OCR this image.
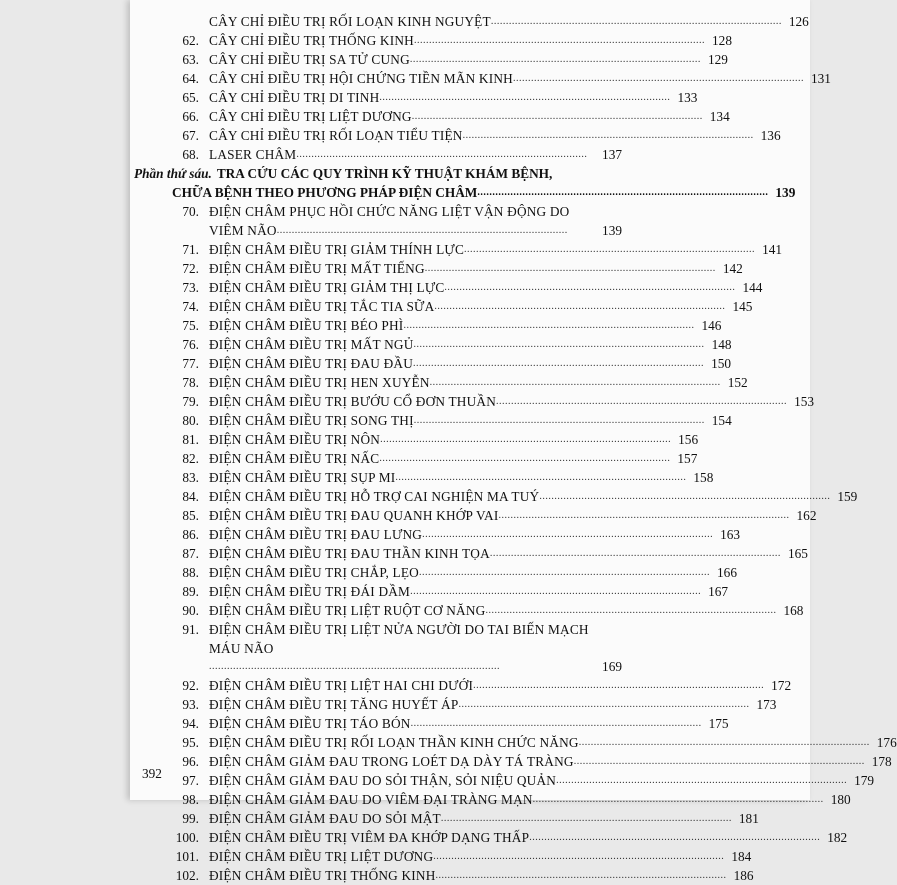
CÂY CHỈ ĐIỀU TRỊ RỐI LOẠN KINH NGUYỆT ................................................................................................. 126
62. CÂY CHỈ ĐIỀU TRỊ THỐNG KINH ................................................................................................. 128
63. CÂY CHỈ ĐIỀU TRỊ SA TỬ CUNG ................................................................................................. 129
64. CÂY CHỈ ĐIỀU TRỊ HỘI CHỨNG TIỀN MÃN KINH ................................................................................................. 131
65. CÂY CHỈ ĐIỀU TRỊ DI TINH ................................................................................................. 133
66. CÂY CHỈ ĐIỀU TRỊ LIỆT DƯƠNG ................................................................................................. 134
67. CÂY CHỈ ĐIỀU TRỊ RỐI LOẠN TIỂU TIỆN ................................................................................................. 136
68. LASER CHÂM .................................................................................................	137
Phần thứ sáu. TRA CỨU CÁC QUY TRÌNH KỸ THUẬT KHÁM BỆNH,
CHỮA BỆNH THEO PHƯƠNG PHÁP ĐIỆN CHÂM ................................................................................................. 139
70. ĐIỆN CHÂM PHỤC HỒI CHỨC NĂNG LIỆT VẬN ĐỘNG DO
VIÊM NÃO .................................................................................................	139
71. ĐIỆN CHÂM ĐIỀU TRỊ GIẢM THÍNH LỰC ................................................................................................. 141
72. ĐIỆN CHÂM ĐIỀU TRỊ MẤT TIẾNG ................................................................................................. 142
73. ĐIỆN CHÂM ĐIỀU TRỊ GIẢM THỊ LỰC ................................................................................................. 144
74. ĐIỆN CHÂM ĐIỀU TRỊ TẮC TIA SỮA ................................................................................................. 145
75. ĐIỆN CHÂM ĐIỀU TRỊ BÉO PHÌ ................................................................................................. 146
76. ĐIỆN CHÂM ĐIỀU TRỊ MẤT NGỦ ................................................................................................. 148
77. ĐIỆN CHÂM ĐIỀU TRỊ ĐAU ĐẦU ................................................................................................. 150
78. ĐIỆN CHÂM ĐIỀU TRỊ HEN XUYỄN ................................................................................................. 152
79. ĐIỆN CHÂM ĐIỀU TRỊ BƯỚU CỔ ĐƠN THUẦN ................................................................................................. 153
80. ĐIỆN CHÂM ĐIỀU TRỊ SONG THỊ ................................................................................................. 154
81. ĐIỆN CHÂM ĐIỀU TRỊ NÔN ................................................................................................. 156
82. ĐIỆN CHÂM ĐIỀU TRỊ NẤC ................................................................................................. 157
83. ĐIỆN CHÂM ĐIỀU TRỊ SỤP MI ................................................................................................. 158
84. ĐIỆN CHÂM ĐIỀU TRỊ HỖ TRỢ CAI NGHIỆN MA TUÝ ................................................................................................. 159
85. ĐIỆN CHÂM ĐIỀU TRỊ ĐAU QUANH KHỚP VAI ................................................................................................. 162
86. ĐIỆN CHÂM ĐIỀU TRỊ ĐAU LƯNG ................................................................................................. 163
87. ĐIỆN CHÂM ĐIỀU TRỊ ĐAU THẦN KINH TỌA ................................................................................................. 165
88. ĐIỆN CHÂM ĐIỀU TRỊ CHẮP, LẸO ................................................................................................. 166
89. ĐIỆN CHÂM ĐIỀU TRỊ ĐÁI DẦM ................................................................................................. 167
90. ĐIỆN CHÂM ĐIỀU TRỊ LIỆT RUỘT CƠ NĂNG ................................................................................................. 168
91. ĐIỆN CHÂM ĐIỀU TRỊ LIỆT NỬA NGƯỜI DO TAI BIẾN MẠCH
MÁU NÃO
.................................................................................................	169
92. ĐIỆN CHÂM ĐIỀU TRỊ LIỆT HAI CHI DƯỚI ................................................................................................. 172
93. ĐIỆN CHÂM ĐIỀU TRỊ TĂNG HUYẾT ÁP ................................................................................................. 173
94. ĐIỆN CHÂM ĐIỀU TRỊ TÁO BÓN ................................................................................................. 175
95. ĐIỆN CHÂM ĐIỀU TRỊ RỐI LOẠN THẦN KINH CHỨC NĂNG ................................................................................................. 176
96. ĐIỆN CHÂM GIẢM ĐAU TRONG LOÉT DẠ DÀY TÁ TRÀNG ................................................................................................. 178
97. ĐIỆN CHÂM GIẢM ĐAU DO SỎI THẬN, SỎI NIỆU QUẢN ................................................................................................. 179
98. ĐIỆN CHÂM GIẢM ĐAU DO VIÊM ĐẠI TRÀNG MẠN ................................................................................................. 180
99. ĐIỆN CHÂM GIẢM ĐAU DO SỎI MẬT ................................................................................................. 181
100. ĐIỆN CHÂM ĐIỀU TRỊ VIÊM ĐA KHỚP DẠNG THẤP ................................................................................................. 182
101. ĐIỆN CHÂM ĐIỀU TRỊ LIỆT DƯƠNG ................................................................................................. 184
102. ĐIỆN CHÂM ĐIỀU TRỊ THỐNG KINH ................................................................................................. 186
392
